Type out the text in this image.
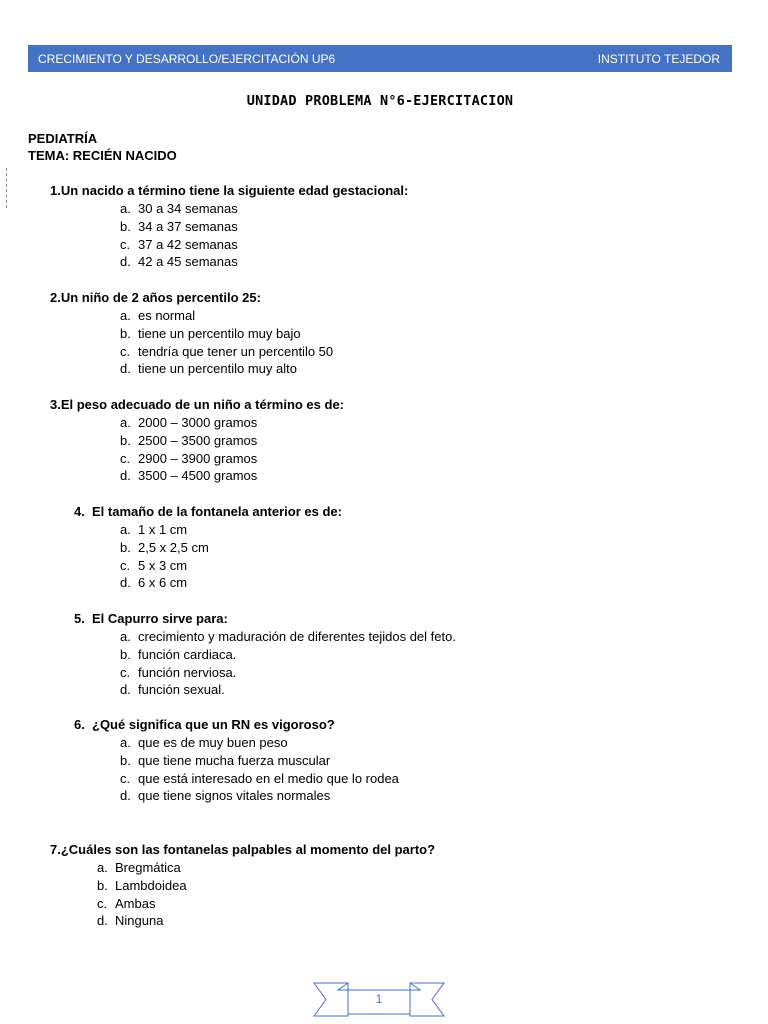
CRECIMIENTO Y DESARROLLO/EJERCITACIÓN UP6	INSTITUTO TEJEDOR
UNIDAD PROBLEMA N°6-EJERCITACION
PEDIATRÍA
TEMA: RECIÉN NACIDO
1.Un nacido a término tiene la siguiente edad gestacional:
a. 30 a 34 semanas
b. 34 a 37 semanas
c. 37 a 42 semanas
d. 42 a 45 semanas
2.Un niño de 2 años percentilo 25:
a. es normal
b. tiene un percentilo muy bajo
c. tendría que tener un percentilo 50
d. tiene un percentilo muy alto
3.El peso adecuado de un niño a término es de:
a. 2000 – 3000 gramos
b. 2500 – 3500 gramos
c. 2900 – 3900 gramos
d. 3500 – 4500 gramos
4. El tamaño de la fontanela anterior es de:
a. 1 x 1 cm
b. 2,5 x 2,5 cm
c. 5 x 3 cm
d. 6 x 6 cm
5. El Capurro sirve para:
a. crecimiento y maduración de diferentes tejidos del feto.
b. función cardiaca.
c. función nerviosa.
d. función sexual.
6. ¿Qué significa que un RN es vigoroso?
a. que es de muy buen peso
b. que tiene mucha fuerza muscular
c. que está interesado en el medio que lo rodea
d. que tiene signos vitales normales
7.¿Cuáles son las fontanelas palpables al momento del parto?
a. Bregmática
b. Lambdoidea
c. Ambas
d. Ninguna
1
